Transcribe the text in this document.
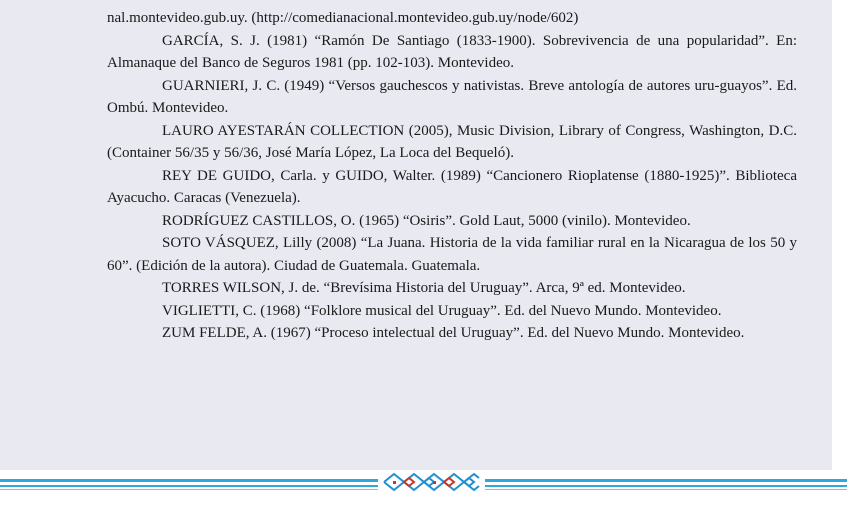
nal.montevideo.gub.uy. (http://comedianacional.montevideo.gub.uy/node/602)

GARCÍA, S. J. (1981) “Ramón De Santiago (1833-1900). Sobrevivencia de una popularidad”. En: Almanaque del Banco de Seguros 1981 (pp. 102-103). Montevideo.

GUARNIERI, J. C. (1949) “Versos gauchescos y nativistas. Breve antología de autores uru-guayos”. Ed. Ombú. Montevideo.

LAURO AYESTARÁN COLLECTION (2005), Music Division, Library of Congress, Washington, D.C. (Container 56/35 y 56/36, José María López, La Loca del Bequeló).

REY DE GUIDO, Carla. y GUIDO, Walter. (1989) “Cancionero Rioplatense (1880-1925)”. Biblioteca Ayacucho. Caracas (Venezuela).

RODRÍGUEZ CASTILLOS, O. (1965) “Osiris”. Gold Laut, 5000 (vinilo). Montevideo.

SOTO VÁSQUEZ, Lilly (2008) “La Juana. Historia de la vida familiar rural en la Nicaragua de los 50 y 60”. (Edición de la autora). Ciudad de Guatemala. Guatemala.

TORRES WILSON, J. de. “Brevísima Historia del Uruguay”. Arca, 9ª ed. Montevideo.

VIGLIETTI, C. (1968) “Folklore musical del Uruguay”. Ed. del Nuevo Mundo. Montevideo.

ZUM FELDE, A. (1967) “Proceso intelectual del Uruguay”. Ed. del Nuevo Mundo. Montevideo.
